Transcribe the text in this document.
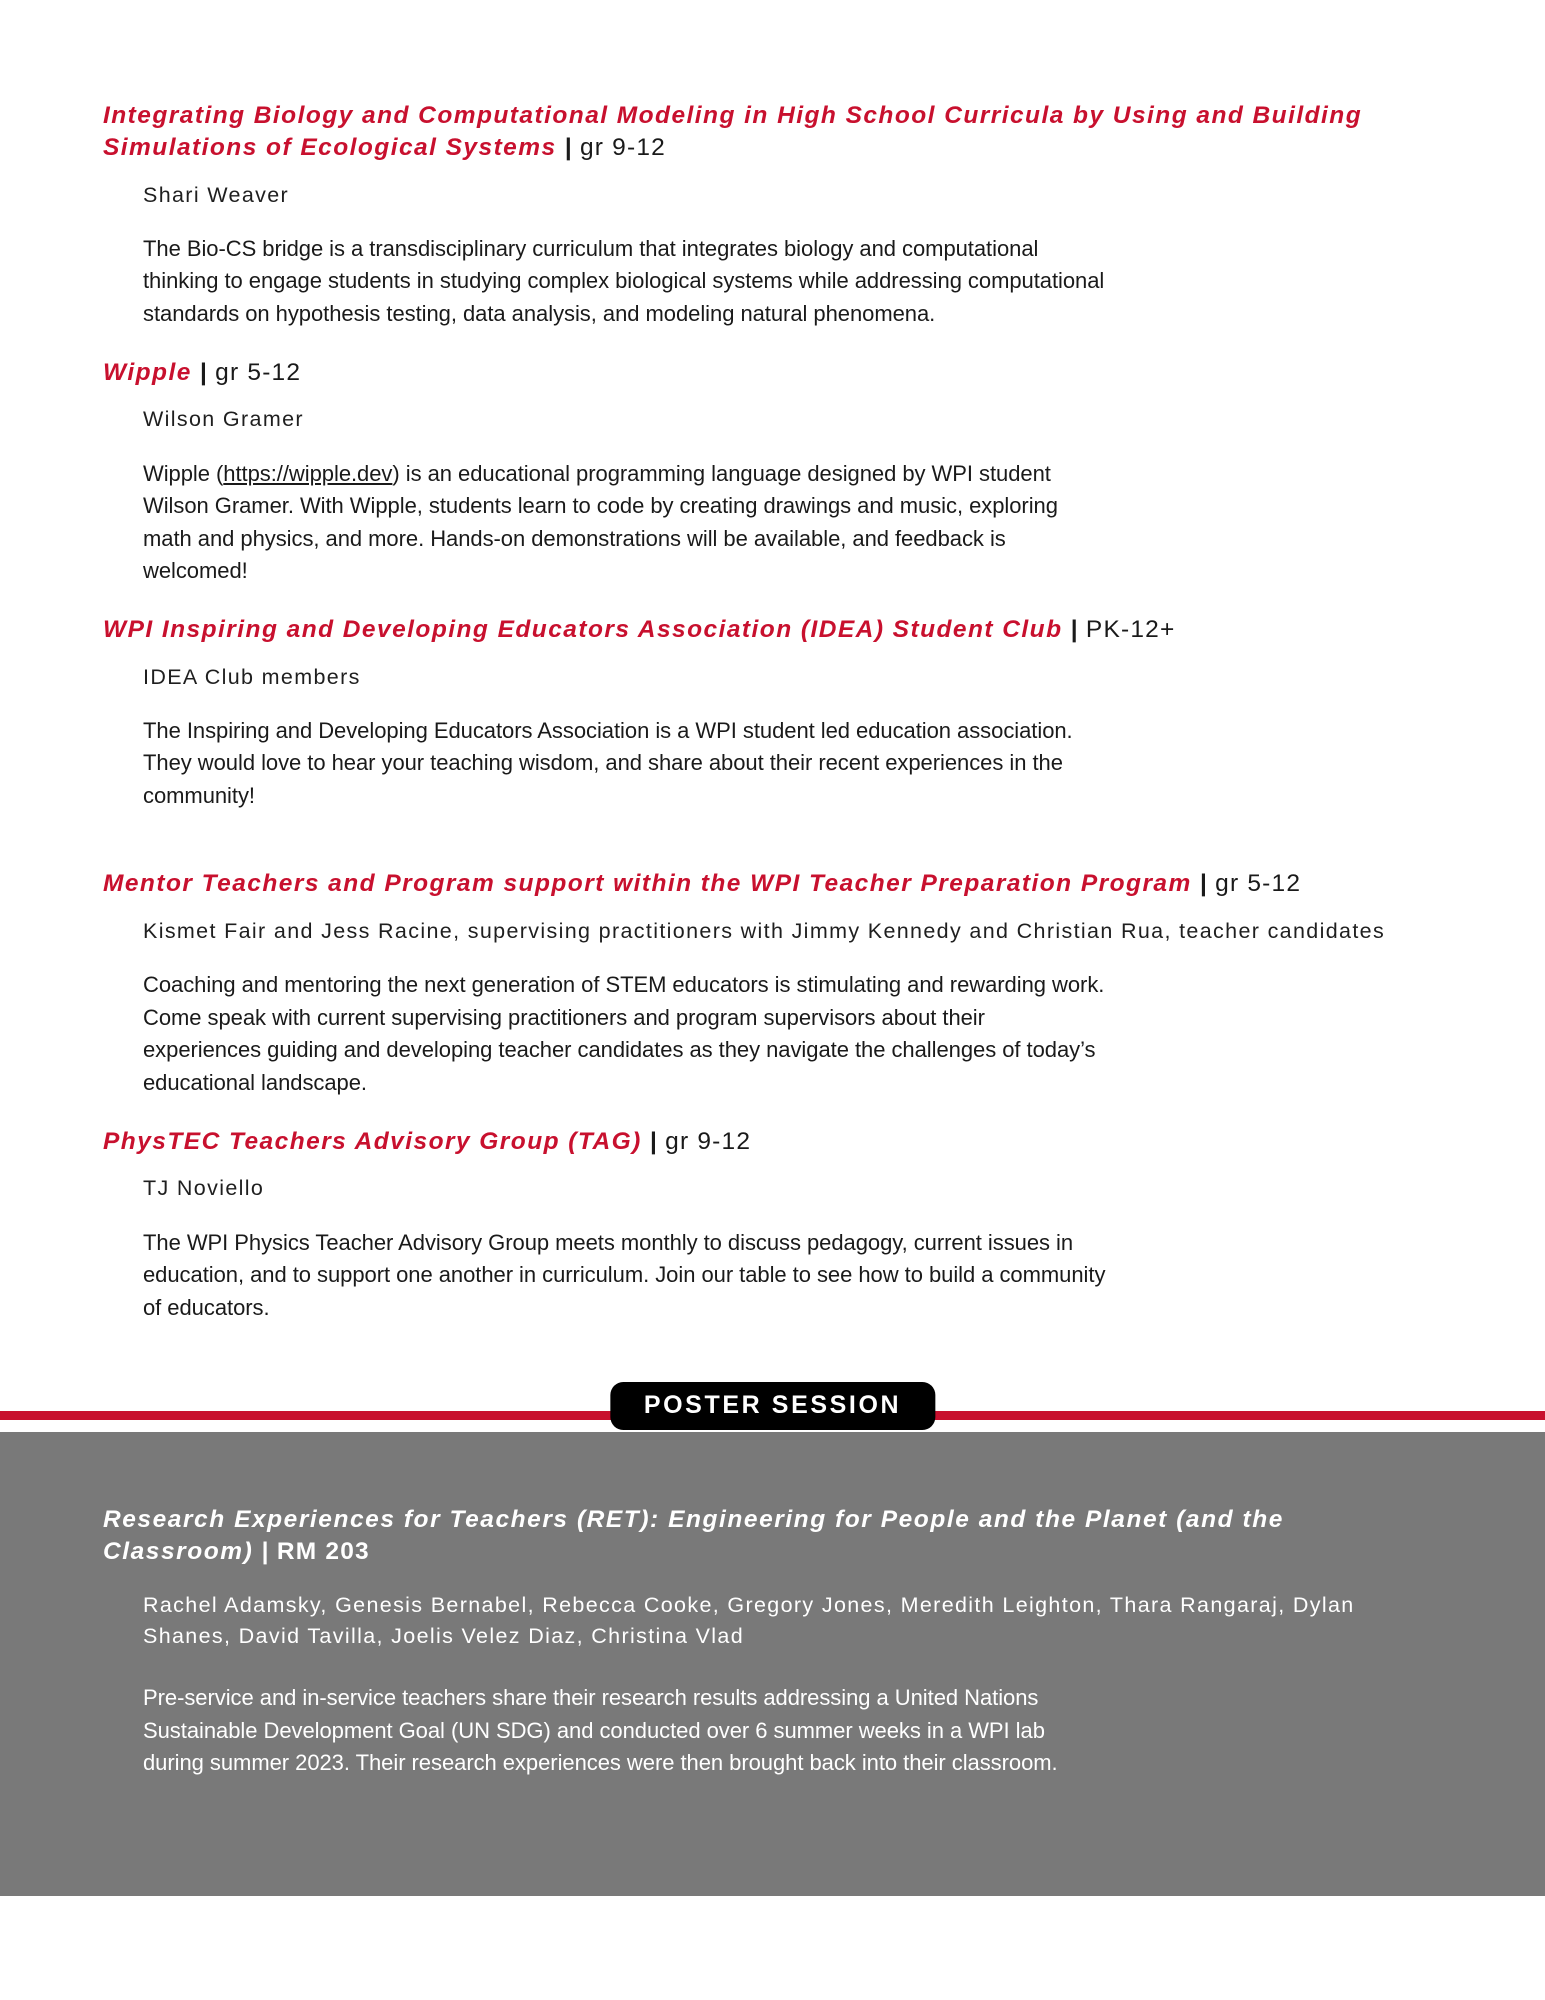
Integrating Biology and Computational Modeling in High School Curricula by Using and Building Simulations of Ecological Systems | gr 9-12

Shari Weaver

The Bio-CS bridge is a transdisciplinary curriculum that integrates biology and computational thinking to engage students in studying complex biological systems while addressing computational standards on hypothesis testing, data analysis, and modeling natural phenomena.

Wipple | gr 5-12

Wilson Gramer

Wipple (https://wipple.dev) is an educational programming language designed by WPI student Wilson Gramer. With Wipple, students learn to code by creating drawings and music, exploring math and physics, and more. Hands-on demonstrations will be available, and feedback is welcomed!

WPI Inspiring and Developing Educators Association (IDEA) Student Club | PK-12+

IDEA Club members

The Inspiring and Developing Educators Association is a WPI student led education association. They would love to hear your teaching wisdom, and share about their recent experiences in the community!

Mentor Teachers and Program support within the WPI Teacher Preparation Program | gr 5-12

Kismet Fair and Jess Racine, supervising practitioners with Jimmy Kennedy and Christian Rua, teacher candidates

Coaching and mentoring the next generation of STEM educators is stimulating and rewarding work. Come speak with current supervising practitioners and program supervisors about their experiences guiding and developing teacher candidates as they navigate the challenges of today’s educational landscape.

PhysTEC Teachers Advisory Group (TAG) | gr 9-12

TJ Noviello

The WPI Physics Teacher Advisory Group meets monthly to discuss pedagogy, current issues in education, and to support one another in curriculum. Join our table to see how to build a community of educators.

POSTER SESSION
Research Experiences for Teachers (RET): Engineering for People and the Planet (and the Classroom) | RM 203

Rachel Adamsky, Genesis Bernabel, Rebecca Cooke, Gregory Jones, Meredith Leighton, Thara Rangaraj, Dylan Shanes, David Tavilla, Joelis Velez Diaz, Christina Vlad

Pre-service and in-service teachers share their research results addressing a United Nations Sustainable Development Goal (UN SDG) and conducted over 6 summer weeks in a WPI lab during summer 2023. Their research experiences were then brought back into their classroom.
